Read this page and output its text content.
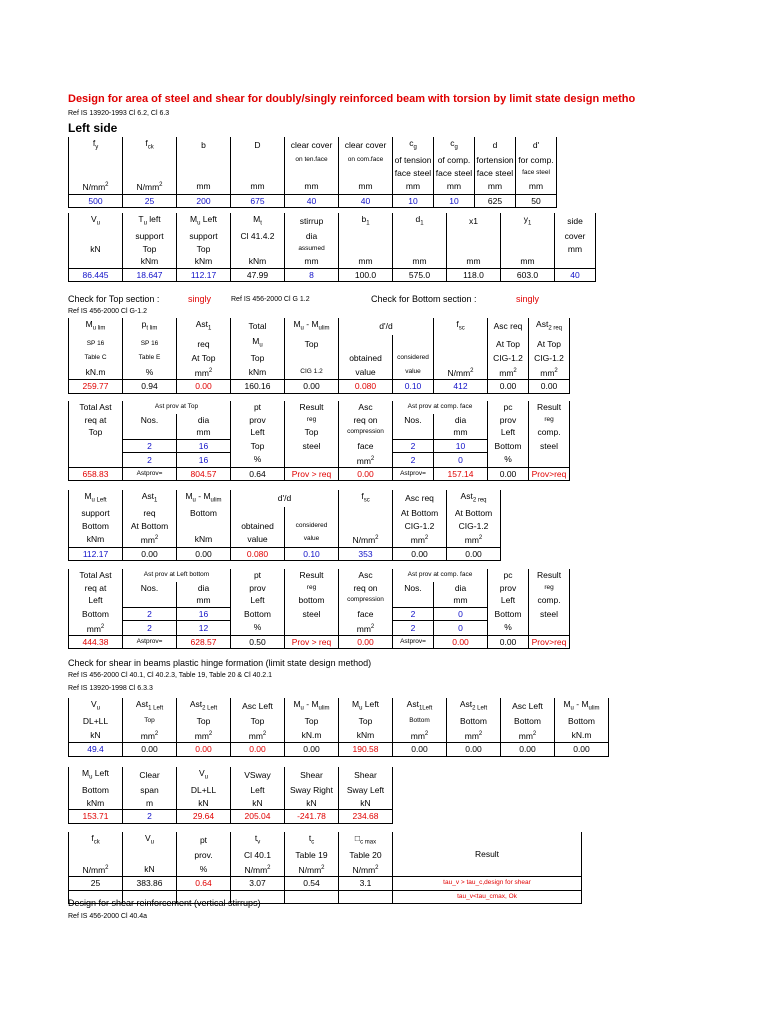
Design for area of steel and shear for doubly/singly reinforced beam with torsion by limit state design metho
Ref IS 13920-1993 Cl 6.2, Cl 6.3
Left side
$f_y$	$f_{ck}$	b	D	clear cover	clear cover	$c_g$	$c_g$	d	d'
				on ten.face	on com.face	of tension	of comp.	fortension	for comp.
						face steel	face steel	face steel	face steel
$N/mm^2$	$N/mm^2$	mm	mm	mm	mm	mm	mm	mm	mm
500	25	200	675	40	40	10	10	625	50
$V_u$	$T_u$ left	$M_u$ Left	$M_t$	stirrup	$b_1$	$d_1$	x1	$y_1$	side
	support	support	Cl 41.4.2	dia					cover
kN	Top	Top		assumed					mm
	kNm	kNm	kNm	mm	mm	mm	mm	mm	
86.445	18.647	112.17	47.99	8	100.0	575.0	118.0	603.0	40
Check for Top section :	singly	Ref IS 456-2000 Cl G 1.2	Check for Bottom section :	singly
Ref IS 456-2000 Cl G-1.2
$M_{u lim}$	$p_{t lim}$	Ast$_1$	Total	$M_u - M_{ulim}$	d'/d		$f_{sc}$	Asc req	Ast$_{2 req}$
SP 16	SP 16	req	$M_u$	Top				At Top	At Top
Table C	Table E	At Top	Top		obtained	considered		CIG-1.2	CIG-1.2
kN.m	%	$mm^2$	kNm	CIG 1.2	value	value	$N/mm^2$	$mm^2$	$mm^2$
259.77	0.94	0.00	160.16	0.00	0.080	0.10	412	0.00	0.00
Total Ast	Ast prov at Top		pt	Result	Asc	Ast prov at comp. face		pc	Result
req at	Nos.	dia	prov	reg	req on	Nos.	dia	prov	reg
Top		mm	Left	Top	compression		mm	Left	comp.
	2	16	Top	steel	face	2	10	Bottom	steel
	2	16	%		$mm^2$	2	0	%	
658.83	Astprov=	804.57	0.64	Prov > req	0.00	Astprov=	157.14	0.00	Prov>req
$M_{u Left}$	Ast$_1$	$M_u - M_{ulim}$	d'/d		$f_{sc}$	Asc req	Ast$_{2 req}$
support	req	Bottom				At Bottom	At Bottom
Bottom	At Bottom		obtained	considered		CIG-1.2	CIG-1.2
kNm	$mm^2$	kNm	value	value	$N/mm^2$	$mm^2$	$mm^2$
112.17	0.00	0.00	0.080	0.10	353	0.00	0.00
Total Ast	Ast prov at Left bottom		pt	Result	Asc	Ast prov at comp. face		pc	Result
req at	Nos.	dia	prov	reg	req on	Nos.	dia	prov	reg
Left		mm	Left	bottom	compression		mm	Left	comp.
Bottom	2	16	Bottom	steel	face	2	0	Bottom	steel
$mm^2$	2	12	%		$mm^2$	2	0	%	
444.38	Astprov=	628.57	0.50	Prov > req	0.00	Astprov=	0.00	0.00	Prov>req
Check for shear in beams plastic hinge formation (limit state design method)
Ref IS 456-2000 Cl 40.1, Cl 40.2.3, Table 19, Table 20 & Cl 40.2.1
Ref IS 13920-1998 Cl 6.3.3
$V_u$	Ast$_{1 Left}$	Ast$_{2 Left}$	Asc Left	$M_u - M_{ulim}$	$M_u$ Left	Ast$_{1Left}$	Ast$_{2 Left}$	Asc Left	$M_u - M_{ulim}$
DL+LL	Top	Top	Top	Top	Top	Bottom	Bottom	Bottom	Bottom
kN	$mm^2$	$mm^2$	$mm^2$	kN.m	kNm	$mm^2$	$mm^2$	$mm^2$	kN.m
49.4	0.00	0.00	0.00	0.00	190.58	0.00	0.00	0.00	0.00
$M_u$ Left	Clear	$V_u$	VSway	Shear	Shear
Bottom	span	DL+LL	Left	Sway Right	Sway Left
kNm	m	kN	kN	kN	kN
153.71	2	29.64	205.04	-241.78	234.68
$f_{ck}$	$V_u$	pt	$t_v$	$t_c$	$□_{c max}$	Result
		prov.	Cl 40.1	Table 19	Table 20	
$N/mm^2$	kN	%	$N/mm^2$	$N/mm^2$	$N/mm^2$
25	383.86	0.64	3.07	0.54	3.1	tau_v > tau_c,design for shear
						tau_v<tau_cmax, Ok
Design for shear reinforcement (vertical stirrups)
Ref IS 456-2000 Cl 40.4a
